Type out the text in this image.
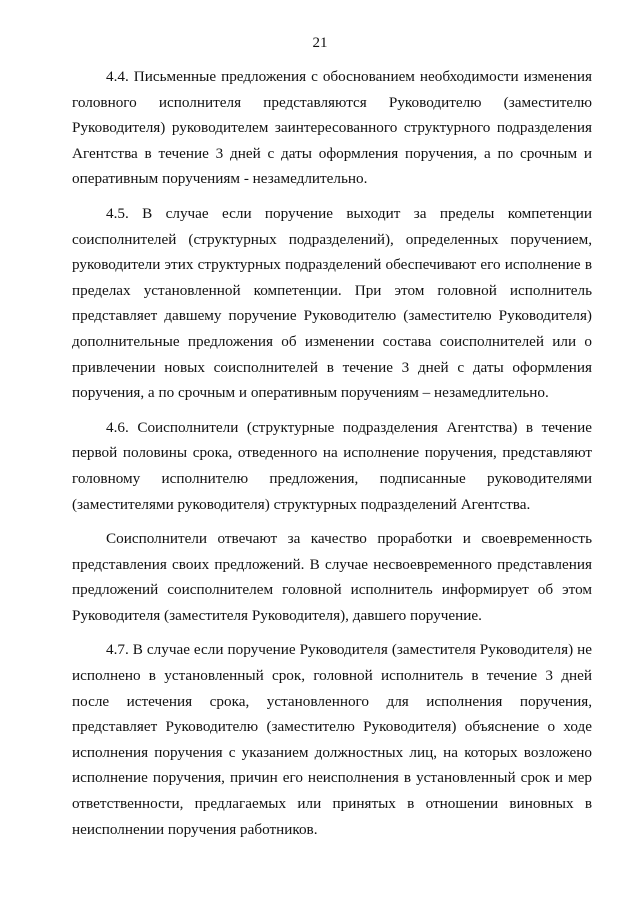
21

4.4. Письменные предложения с обоснованием необходимости изменения головного исполнителя представляются Руководителю (заместителю Руководителя) руководителем заинтересованного структурного подразделения Агентства в течение 3 дней с даты оформления поручения, а по срочным и оперативным поручениям - незамедлительно.

4.5. В случае если поручение выходит за пределы компетенции соисполнителей (структурных подразделений), определенных поручением, руководители этих структурных подразделений обеспечивают его исполнение в пределах установленной компетенции. При этом головной исполнитель представляет давшему поручение Руководителю (заместителю Руководителя) дополнительные предложения об изменении состава соисполнителей или о привлечении новых соисполнителей в течение 3 дней с даты оформления поручения, а по срочным и оперативным поручениям – незамедлительно.

4.6. Соисполнители (структурные подразделения Агентства) в течение первой половины срока, отведенного на исполнение поручения, представляют головному исполнителю предложения, подписанные руководителями (заместителями руководителя) структурных подразделений Агентства.

Соисполнители отвечают за качество проработки и своевременность представления своих предложений. В случае несвоевременного представления предложений соисполнителем головной исполнитель информирует об этом Руководителя (заместителя Руководителя), давшего поручение.

4.7. В случае если поручение Руководителя (заместителя Руководителя) не исполнено в установленный срок, головной исполнитель в течение 3 дней после истечения срока, установленного для исполнения поручения, представляет Руководителю (заместителю Руководителя) объяснение о ходе исполнения поручения с указанием должностных лиц, на которых возложено исполнение поручения, причин его неисполнения в установленный срок и мер ответственности, предлагаемых или принятых в отношении виновных в неисполнении поручения работников.
